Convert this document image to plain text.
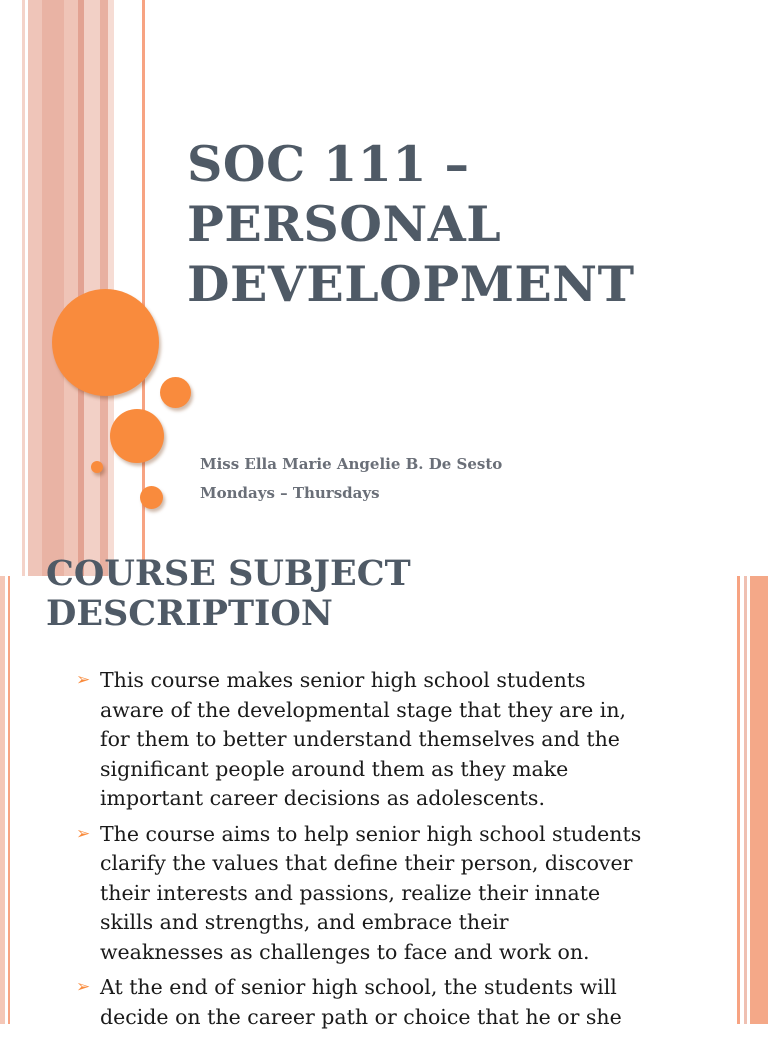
SOC 111 –
PERSONAL
DEVELOPMENT
Miss Ella Marie Angelie B. De Sesto
Mondays – Thursdays
COURSE SUBJECT
DESCRIPTION
➢ This course makes senior high school students
aware of the developmental stage that they are in,
for them to better understand themselves and the
significant people around them as they make
important career decisions as adolescents.
➢ The course aims to help senior high school students
clarify the values that define their person, discover
their interests and passions, realize their innate
skills and strengths, and embrace their
weaknesses as challenges to face and work on.
➢ At the end of senior high school, the students will
decide on the career path or choice that he or she
